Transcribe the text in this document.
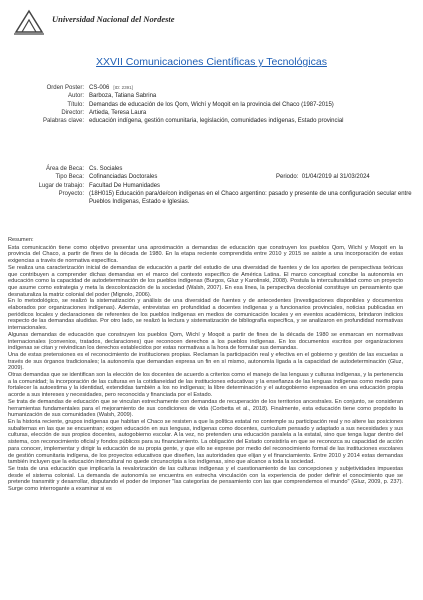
Universidad Nacional del Nordeste
XXVII Comunicaciones Científicas y Tecnológicas
Orden Poster: CS-006 [ID: 2391]
Autor: Barboza, Tatiana Sabrina
Título: Demandas de educación de los Qom, Wichí y Moqoit en la provincia del Chaco (1987-2015)
Director: Artieda, Teresa Laura
Palabras clave: educación indígena, gestión comunitaria, legislación, comunidades indígenas, Estado provincial
Área de Beca: Cs. Sociales
Tipo Beca: Cofinanciadas Doctorales	Periodo: 01/04/2019 al 31/03/2024
Lugar de trabajo: Facultad De Humanidades
Proyecto: (18H015) Educación para/de/con indígenas en el Chaco argentino: pasado y presente de una configuración secular entre Pueblos Indígenas, Estado e Iglesias.

Resumen:

Esta comunicación tiene como objetivo presentar una aproximación a demandas de educación que construyen los pueblos Qom, Wichí y Moqoit en la provincia del Chaco, a partir de fines de la década de 1980. En la etapa reciente comprendida entre 2010 y 2015 se asiste a una incorporación de estas exigencias a través de normativa específica.

Se realiza una caracterización inicial de demandas de educación a partir del estudio de una diversidad de fuentes y de los aportes de perspectivas teóricas que contribuyen a comprender dichas demandas en el marco del contexto específico de América Latina. El marco conceptual concibe la autonomía en educación como la capacidad de autodeterminación de los pueblos indígenas (Burgos, Gluz y Karolinski, 2008). Postula la interculturalidad como un proyecto que asume como estrategia y meta la descolonización de la sociedad (Walsh, 2007). En esa línea, la perspectiva decolonial constituye un pensamiento que desnaturaliza la matriz colonial del poder (Mignolo, 2006).

En lo metodológico, se realizó la sistematización y análisis de una diversidad de fuentes y de antecedentes (investigaciones disponibles y documentos elaborados por organizaciones indígenas). Además, entrevistas en profundidad a docentes indígenas y a funcionarios provinciales, noticias publicadas en periódicos locales y declaraciones de referentes de los pueblos indígenas en medios de comunicación locales y en eventos académicos, brindaron indicios respecto de las demandas aludidas. Por otro lado, se realizó la lectura y sistematización de bibliografía específica, y se analizaron en profundidad normativas internacionales.

Algunas demandas de educación que construyen los pueblos Qom, Wichí y Moqoit a partir de fines de la década de 1980 se enmarcan en normativas internacionales (convenios, tratados, declaraciones) que reconocen derechos a los pueblos indígenas. En los documentos escritos por organizaciones indígenas se citan y reivindican los derechos establecidos por estas normativas a la hora de formular sus demandas.

Una de estas pretensiones es el reconocimiento de instituciones propias. Reclaman la participación real y efectiva en el gobierno y gestión de las escuelas a través de sus órganos tradicionales; la autonomía que demandan expresa un fin en sí mismo, autonomía ligada a la capacidad de autodeterminación (Gluz, 2009).

Otras demandas que se identifican son la elección de los docentes de acuerdo a criterios como el manejo de las lenguas y culturas indígenas, y la pertenencia a la comunidad; la incorporación de las culturas en la cotidianeidad de las instituciones educativas y la enseñanza de las lenguas indígenas como medio para fortalecer la autoestima y la identidad, extendidas también a los no indígenas; la libre determinación y el autogobierno expresados en una educación propia acorde a sus intereses y necesidades, pero reconocida y financiada por el Estado.

Se trata de demandas de educación que se vinculan estrechamente con demandas de recuperación de los territorios ancestrales. En conjunto, se consideran herramientas fundamentales para el mejoramiento de sus condiciones de vida (Corbetta et al., 2018). Finalmente, esta educación tiene como propósito la humanización de sus comunidades (Walsh, 2009).

En la historia reciente, grupos indígenas que habitan el Chaco se resisten a que la política estatal no contemple su participación real y no altere las posiciones subalternas en las que se encuentran; exigen educación en sus lenguas, indígenas como docentes, curriculum pensado y adaptado a sus necesidades y sus culturas, elección de sus propios docentes, autogobierno escolar. A la vez, no pretenden una educación paralela a la estatal, sino que tenga lugar dentro del sistema, con reconocimiento oficial y fondos públicos para su financiamiento. La obligación del Estado consistiría en que se reconozca su capacidad de acción para conocer, implementar y dirigir la educación de su propia gente, y que ello se exprese por medio del reconocimiento formal de las instituciones escolares de gestión comunitaria indígena, de los proyectos educativos que diseñen, las autoridades que elijan y el financiamiento. Entre 2010 y 2014 estas demandas también incluyen que la educación intercultural no quede circunscripta a los indígenas, sino que alcance a toda la sociedad.

Se trata de una educación que implicaría la revalorización de las culturas indígenas y el cuestionamiento de las concepciones y subjetividades impuestas desde el sistema colonial. La demanda de autonomía se encuentra en estrecha vinculación con la experiencia de poder definir el conocimiento que se pretende transmitir y desarrollar, disputando el poder de imponer "las categorías de pensamiento con las que comprendemos el mundo" (Gluz, 2009, p. 237). Surge como interrogante a examinar si es
